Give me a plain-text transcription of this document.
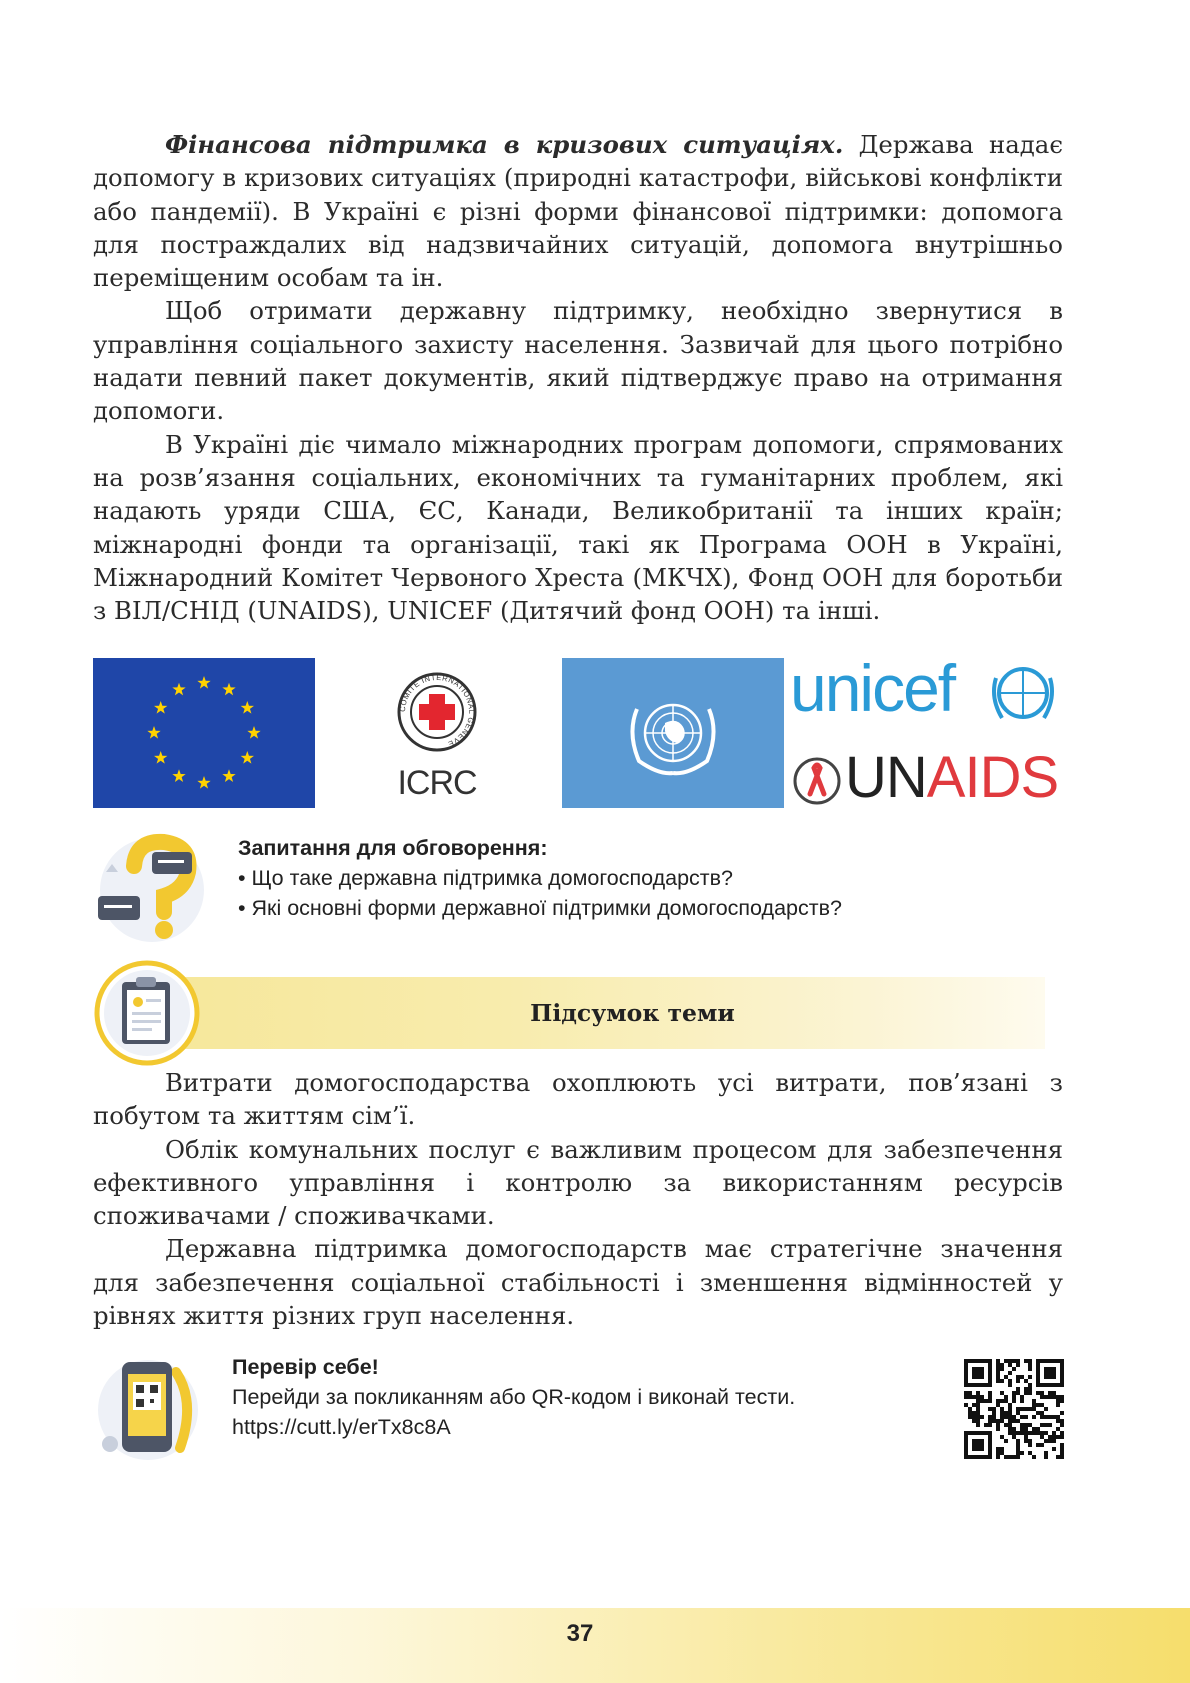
Фінансова підтримка в кризових ситуаціях. Держава надає допомогу в кризових ситуаціях (природні катастрофи, військові конфлікти або пандемії). В Україні є різні форми фінансової підтримки: допомога для постраждалих від надзвичайних ситуацій, допомога внутрішньо переміщеним особам та ін.

Щоб отримати державну підтримку, необхідно звернутися в управління соціального захисту населення. Зазвичай для цього потрібно надати певний пакет документів, який підтверджує право на отримання допомоги.

В Україні діє чимало міжнародних програм допомоги, спрямованих на розв’язання соціальних, економічних та гуманітарних проблем, які надають уряди США, ЄС, Канади, Великобританії та інших країн; міжнародні фонди та організації, такі як Програма ООН в Україні, Міжнародний Комітет Червоного Хреста (МКЧХ), Фонд ООН для боротьби з ВІЛ/СНІД (UNAIDS), UNICEF (Дитячий фонд ООН) та інші.

COMITE INTERNATIONAL GENEVE
ICRC
unicef
UNAIDS
Запитання для обговорення:
• Що таке державна підтримка домогосподарств?
• Які основні форми державної підтримки домогосподарств?
Підсумок теми

Витрати домогосподарства охоплюють усі витрати, пов’язані з побутом та життям сім’ї.

Облік комунальних послуг є важливим процесом для забезпечення ефективного управління і контролю за використанням ресурсів споживачами / споживачками.

Державна підтримка домогосподарств має стратегічне значення для забезпечення соціальної стабільності і зменшення відмінностей у рівнях життя різних груп населення.

Перевір себе!
Перейди за покликанням або QR-кодом і виконай тести.
https://cutt.ly/erTx8c8A
37
